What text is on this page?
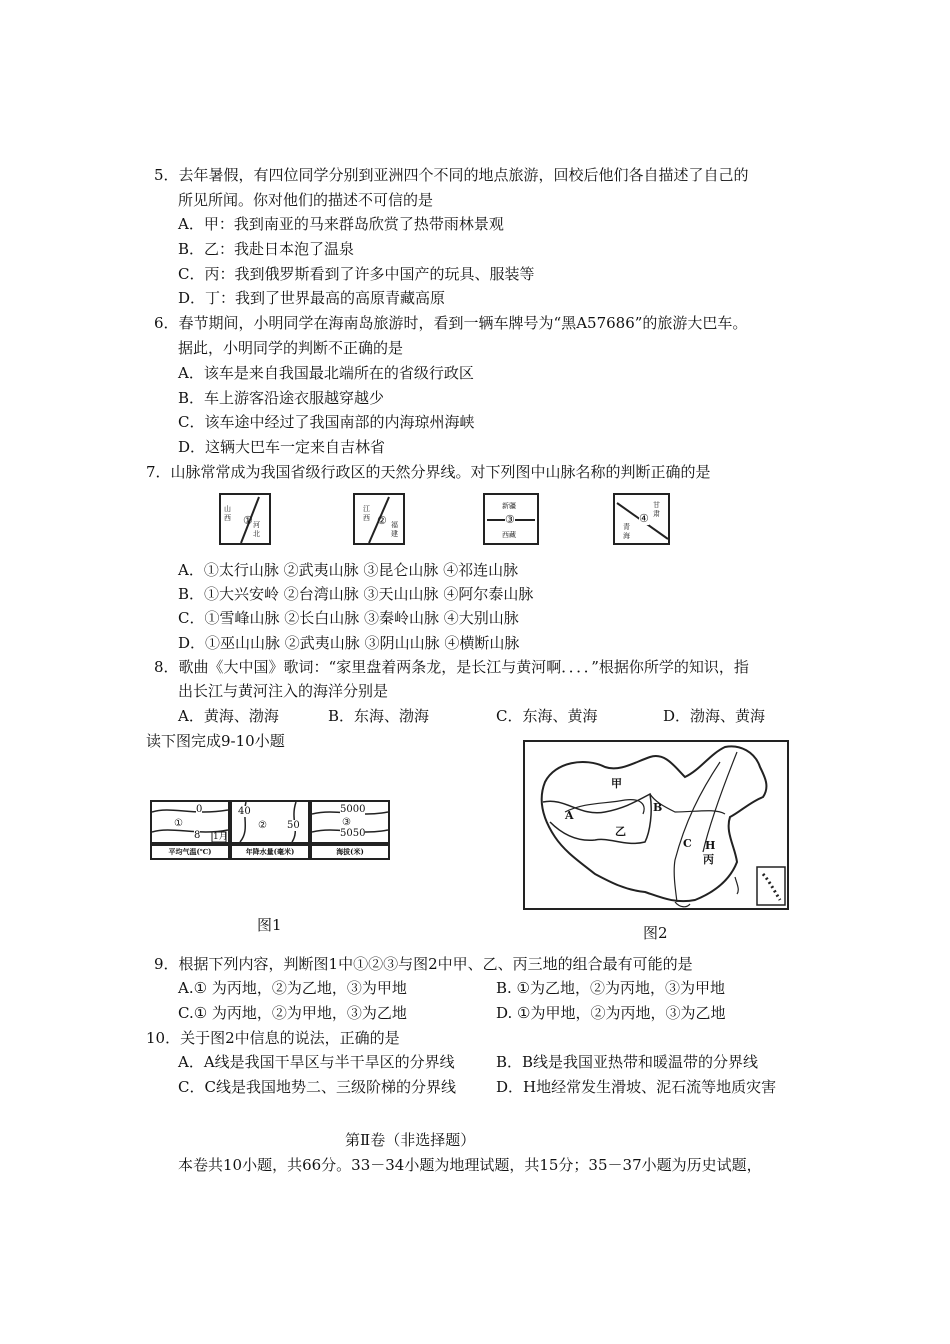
5．去年暑假，有四位同学分别到亚洲四个不同的地点旅游，回校后他们各自描述了自己的
所见所闻。你对他们的描述不可信的是
A．甲：我到南亚的马来群岛欣赏了热带雨林景观
B．乙：我赴日本泡了温泉
C．丙：我到俄罗斯看到了许多中国产的玩具、服装等
D．丁：我到了世界最高的高原青藏高原
6．春节期间，小明同学在海南岛旅游时，看到一辆车牌号为“黑A57686”的旅游大巴车。
据此，小明同学的判断不正确的是
A．该车是来自我国最北端所在的省级行政区
B．车上游客沿途衣服越穿越少
C．该车途中经过了我国南部的内海琼州海峡
D．这辆大巴车一定来自吉林省
7．山脉常常成为我国省级行政区的天然分界线。对下列图中山脉名称的判断正确的是
山
西
河
北
①
江
西
福
建
②
新疆
西藏
③
甘
肃
青
海
④
A．①太行山脉 ②武夷山脉 ③昆仑山脉 ④祁连山脉
B．①大兴安岭 ②台湾山脉 ③天山山脉 ④阿尔泰山脉
C．①雪峰山脉 ②长白山脉 ③秦岭山脉 ④大别山脉
D．①巫山山脉 ②武夷山脉 ③阴山山脉 ④横断山脉
8．歌曲《大中国》歌词：“家里盘着两条龙，是长江与黄河啊．．．．”根据你所学的知识，指
出长江与黄河注入的海洋分别是
A．黄海、渤海	B．东海、渤海	C．东海、黄海	D．渤海、黄海
读下图完成9-10小题
0
①
8 1月
40
② 50
5000
③
5050
平均气温(℃)	年降水量(毫米)	海拔(米)
图1
甲
A
乙
B
C H
丙
图2
9．根据下列内容，判断图1中①②③与图2中甲、乙、丙三地的组合最有可能的是
A.① 为丙地，②为乙地，③为甲地	B. ①为乙地，②为丙地，③为甲地
C.① 为丙地，②为甲地，③为乙地	D. ①为甲地，②为丙地，③为乙地
10．关于图2中信息的说法，正确的是
A．A线是我国干旱区与半干旱区的分界线	B．B线是我国亚热带和暖温带的分界线
C．C线是我国地势二、三级阶梯的分界线	D．H地经常发生滑坡、泥石流等地质灾害
第Ⅱ卷（非选择题）
本卷共10小题，共66分。33－34小题为地理试题，共15分；35－37小题为历史试题，
